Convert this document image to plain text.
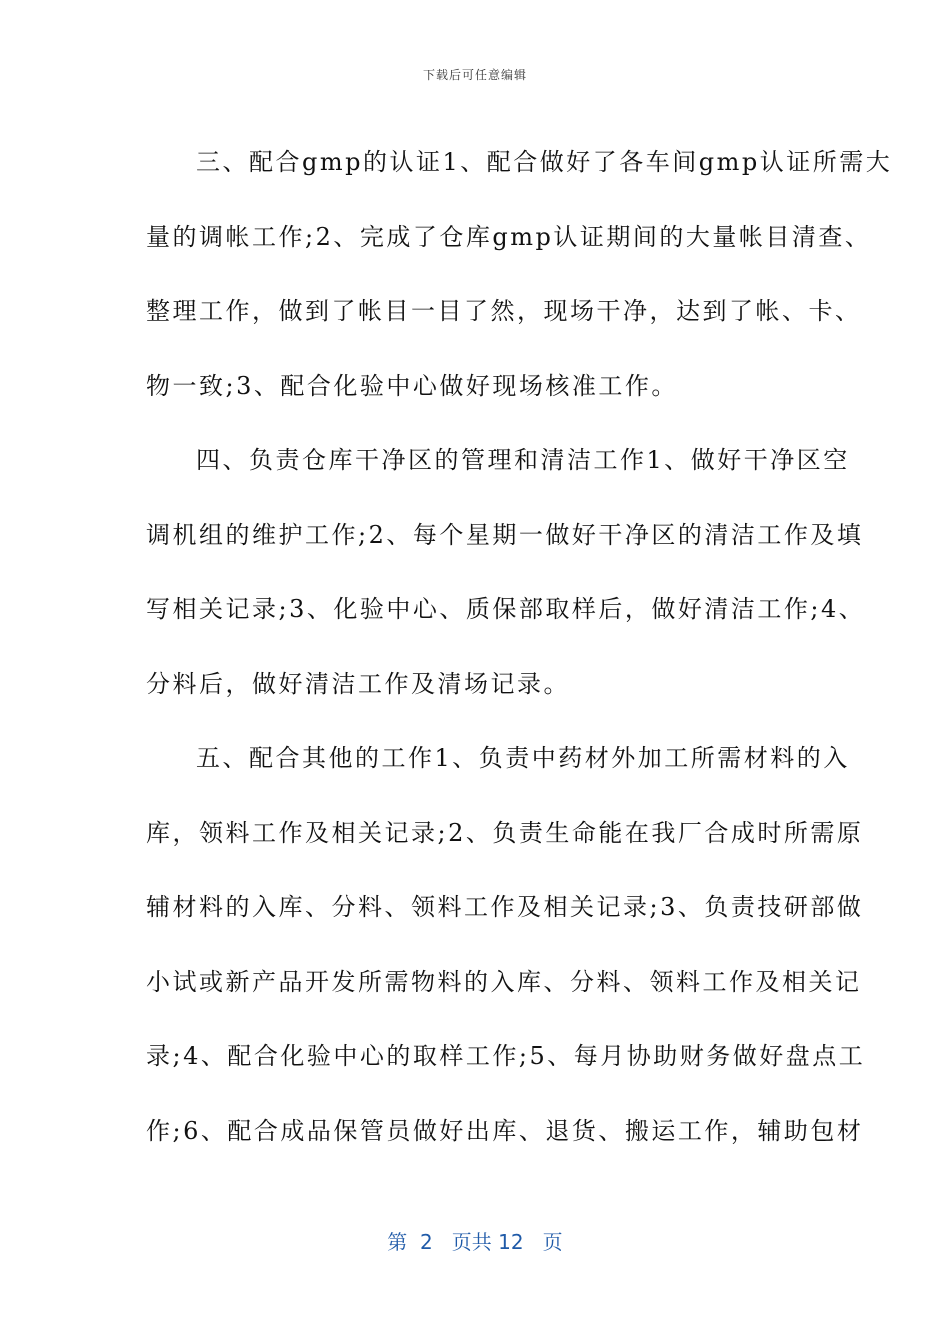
下载后可任意编辑
三、配合gmp的认证1、配合做好了各车间gmp认证所需大
量的调帐工作;2、完成了仓库gmp认证期间的大量帐目清查、
整理工作，做到了帐目一目了然，现场干净，达到了帐、卡、
物一致;3、配合化验中心做好现场核准工作。
四、负责仓库干净区的管理和清洁工作1、做好干净区空
调机组的维护工作;2、每个星期一做好干净区的清洁工作及填
写相关记录;3、化验中心、质保部取样后，做好清洁工作;4、
分料后，做好清洁工作及清场记录。
五、配合其他的工作1、负责中药材外加工所需材料的入
库，领料工作及相关记录;2、负责生命能在我厂合成时所需原
辅材料的入库、分料、领料工作及相关记录;3、负责技研部做
小试或新产品开发所需物料的入库、分料、领料工作及相关记
录;4、配合化验中心的取样工作;5、每月协助财务做好盘点工
作;6、配合成品保管员做好出库、退货、搬运工作，辅助包材
第  2   页共 12   页
